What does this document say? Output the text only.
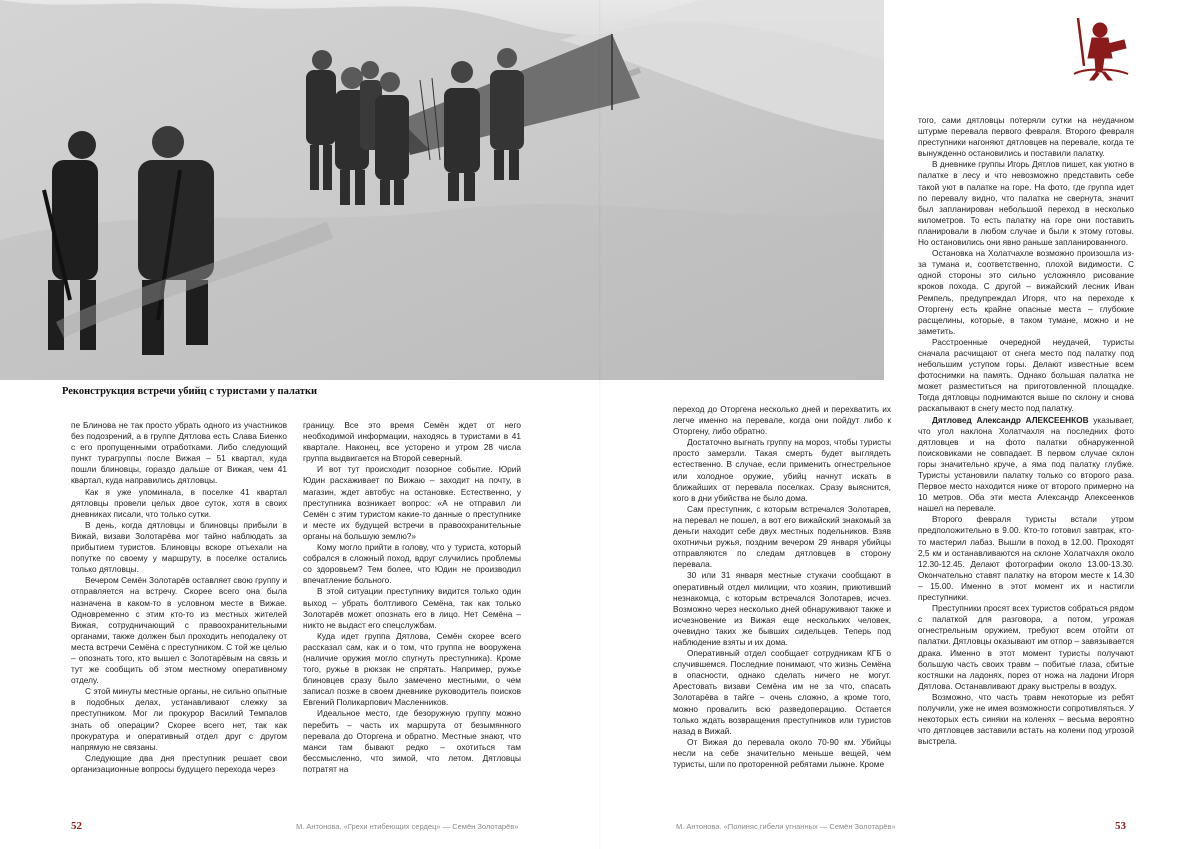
Реконструкция встречи убийц с туристами у палатки

пе Блинова не так просто убрать одного из участников без подозрений, а в группе Дятлова есть Слава Биенко с его пропущенными отработками. Либо следующий пункт турагруппы после Вижая – 51 квартал, куда пошли блиновцы, гораздо дальше от Вижая, чем 41 квартал, куда направились дятловцы.

Как я уже упоминала, в поселке 41 квартал дятловцы провели целых двое суток, хотя в своих дневниках писали, что только сутки.

В день, когда дятловцы и блиновцы прибыли в Вижай, визави Золотарёва мог тайно наблюдать за прибытием туристов. Блиновцы вскоре отъехали на попутке по своему у маршруту, в поселке остались только дятловцы.

Вечером Семён Золотарёв оставляет свою группу и отправляется на встречу. Скорее всего она была назначена в каком-то в условном месте в Вижае. Одновременно с этим кто-то из местных жителей Вижая, сотрудничающий с правоохранительными органами, также должен был проходить неподалеку от места встречи Семёна с преступником. С той же целью – опознать того, кто вышел с Золотарёвым на связь и тут же сообщить об этом местному оперативному отделу.

С этой минуты местные органы, не сильно опытные в подобных делах, устанавливают слежку за преступником. Мог ли прокурор Василий Темпалов знать об операции? Скорее всего нет, так как прокуратура и оперативный отдел друг с другом напрямую не связаны.

Следующие два дня преступник решает свои организационные вопросы будущего перехода через

границу. Все это время Семён ждет от него необходимой информации, находясь в туристами в 41 квартале. Наконец, все усторено и утром 28 числа группа выдвигается на Второй северный.

И вот тут происходит позорное событие. Юрий Юдин расхаживает по Вижаю – заходит на почту, в магазин, ждет автобус на остановке. Естественно, у преступника возникает вопрос: «А не отправил ли Семён с этим туристом какие-то данные о преступнике и месте их будущей встречи в правоохранительные органы на большую землю?»

Кому могло прийти в голову, что у туриста, который собрался в сложный поход, вдруг случились проблемы со здоровьем? Тем более, что Юдин не производил впечатление больного.

В этой ситуации преступнику видится только один выход – убрать болтливого Семёна, так как только Золотарёв может опознать его в лицо. Нет Семёна – никто не выдаст его спецслужбам.

Куда идет группа Дятлова, Семён скорее всего рассказал сам, как и о том, что группа не вооружена (наличие оружия могло спугнуть преступника). Кроме того, ружье в рюкзак не спрятать. Например, ружье блиновцев сразу было замечено местными, о чем записал позже в своем дневнике руководитель поисков Евгений Поликарпович Масленников.

Идеальное место, где безоружную группу можно перебить – часть их маршрута от безымянного перевала до Оторгена и обратно. Местные знают, что манси там бывают редко – охотиться там бессмысленно, что зимой, что летом. Дятловцы потратят на

переход до Оторгена несколько дней и перехватить их легче именно на перевале, когда они пойдут либо к Оторгену, либо обратно.

Достаточно выгнать группу на мороз, чтобы туристы просто замерзли. Такая смерть будет выглядеть естественно. В случае, если применить огнестрельное или холодное оружие, убийц начнут искать в ближайших от перевала поселках. Сразу выяснится, кого в дни убийства не было дома.

Сам преступник, с которым встречался Золотарев, на перевал не пошел, а вот его вижайский знакомый за деньги находит себе двух местных подельников. Взяв охотничьи ружья, поздним вечером 29 января убийцы отправляются по следам дятловцев в сторону перевала.

30 или 31 января местные стукачи сообщают в оперативный отдел милиции, что хозяин, приютивший незнакомца, с которым встречался Золотарев, исчез. Возможно через несколько дней обнаруживают также и исчезновение из Вижая еще нескольких человек, очевидно таких же бывших сидельцев. Теперь под наблюдение взяты и их дома.

Оперативный отдел сообщает сотрудникам КГБ о случившемся. Последние понимают, что жизнь Семёна в опасности, однако сделать ничего не могут. Арестовать визави Семёна им не за что, спасать Золотарёва в тайге – очень сложно, а кроме того, можно провалить всю разведоперацию. Остается только ждать возвращения преступников или туристов назад в Вижай.

От Вижая до перевала около 70-90 км. Убийцы несли на себе значительно меньше вещей, чем туристы, шли по проторенной ребятами лыжне. Кроме

того, сами дятловцы потеряли сутки на неудачном штурме перевала первого февраля. Второго февраля преступники нагоняют дятловцев на перевале, когда те вынужденно остановились и поставили палатку.

В дневнике группы Игорь Дятлов пишет, как уютно в палатке в лесу и что невозможно представить себе такой уют в палатке на горе. На фото, где группа идет по перевалу видно, что палатка не свернута, значит был запланирован небольшой переход в несколько километров. То есть палатку на горе они поставить планировали в любом случае и были к этому готовы. Но остановились они явно раньше запланированного.

Остановка на Холатчахле возможно произошла из-за тумана и, соответственно, плохой видимости. С одной стороны это сильно усложняло рисование кроков похода. С другой – вижайский лесник Иван Ремпель, предупреждал Игоря, что на переходе к Оторгену есть крайне опасные места – глубокие расщелины, которые, в таком тумане, можно и не заметить.

Расстроенные очередной неудачей, туристы сначала расчищают от снега место под палатку под небольшим уступом горы. Делают известные всем фотоснимки на память. Однако большая палатка не может разместиться на приготовленной площадке. Тогда дятловцы поднимаются выше по склону и снова раскапывают в снегу место под палатку.

Дятловед Александр АЛЕКСЕЕНКОВ указывает, что угол наклона Холатчахля на последних фото дятловцев и на фото палатки обнаруженной поисковиками не совпадает. В первом случае склон горы значительно круче, а яма под палатку глубже. Туристы установили палатку только со второго раза. Первое место находится ниже от второго примерно на 10 метров. Оба эти места Александр Алексеенков нашел на перевале.

Второго февраля туристы встали утром предположительно в 9.00. Кто-то готовил завтрак, кто-то мастерил лабаз. Вышли в поход в 12.00. Проходят 2,5 км и останавливаются на склоне Холатчахля около 12.30-12.45. Делают фотографии около 13.00-13.30. Окончательно ставят палатку на втором месте к 14.30 – 15.00. Именно в этот момент их и настигли преступники.

Преступники просят всех туристов собраться рядом с палаткой для разговора, а потом, угрожая огнестрельным оружием, требуют всем отойти от палатки. Дятловцы оказывают им отпор – завязывается драка. Именно в этот момент туристы получают большую часть своих травм – побитые глаза, сбитые костяшки на ладонях, порез от ножа на ладони Игоря Дятлова. Останавливают драку выстрелы в воздух.

Возможно, что часть травм некоторые из ребят получили, уже не имея возможности сопротивляться. У некоторых есть синяки на коленях – весьма вероятно что дятловцев заставили встать на колени под угрозой выстрела.

52	М. Антонова. «Грехи нтибеющих сердец» — Семён Золотарёв»	М. Антонова. «Полиняс гибели угнанных — Семён Золотарёв»	53
